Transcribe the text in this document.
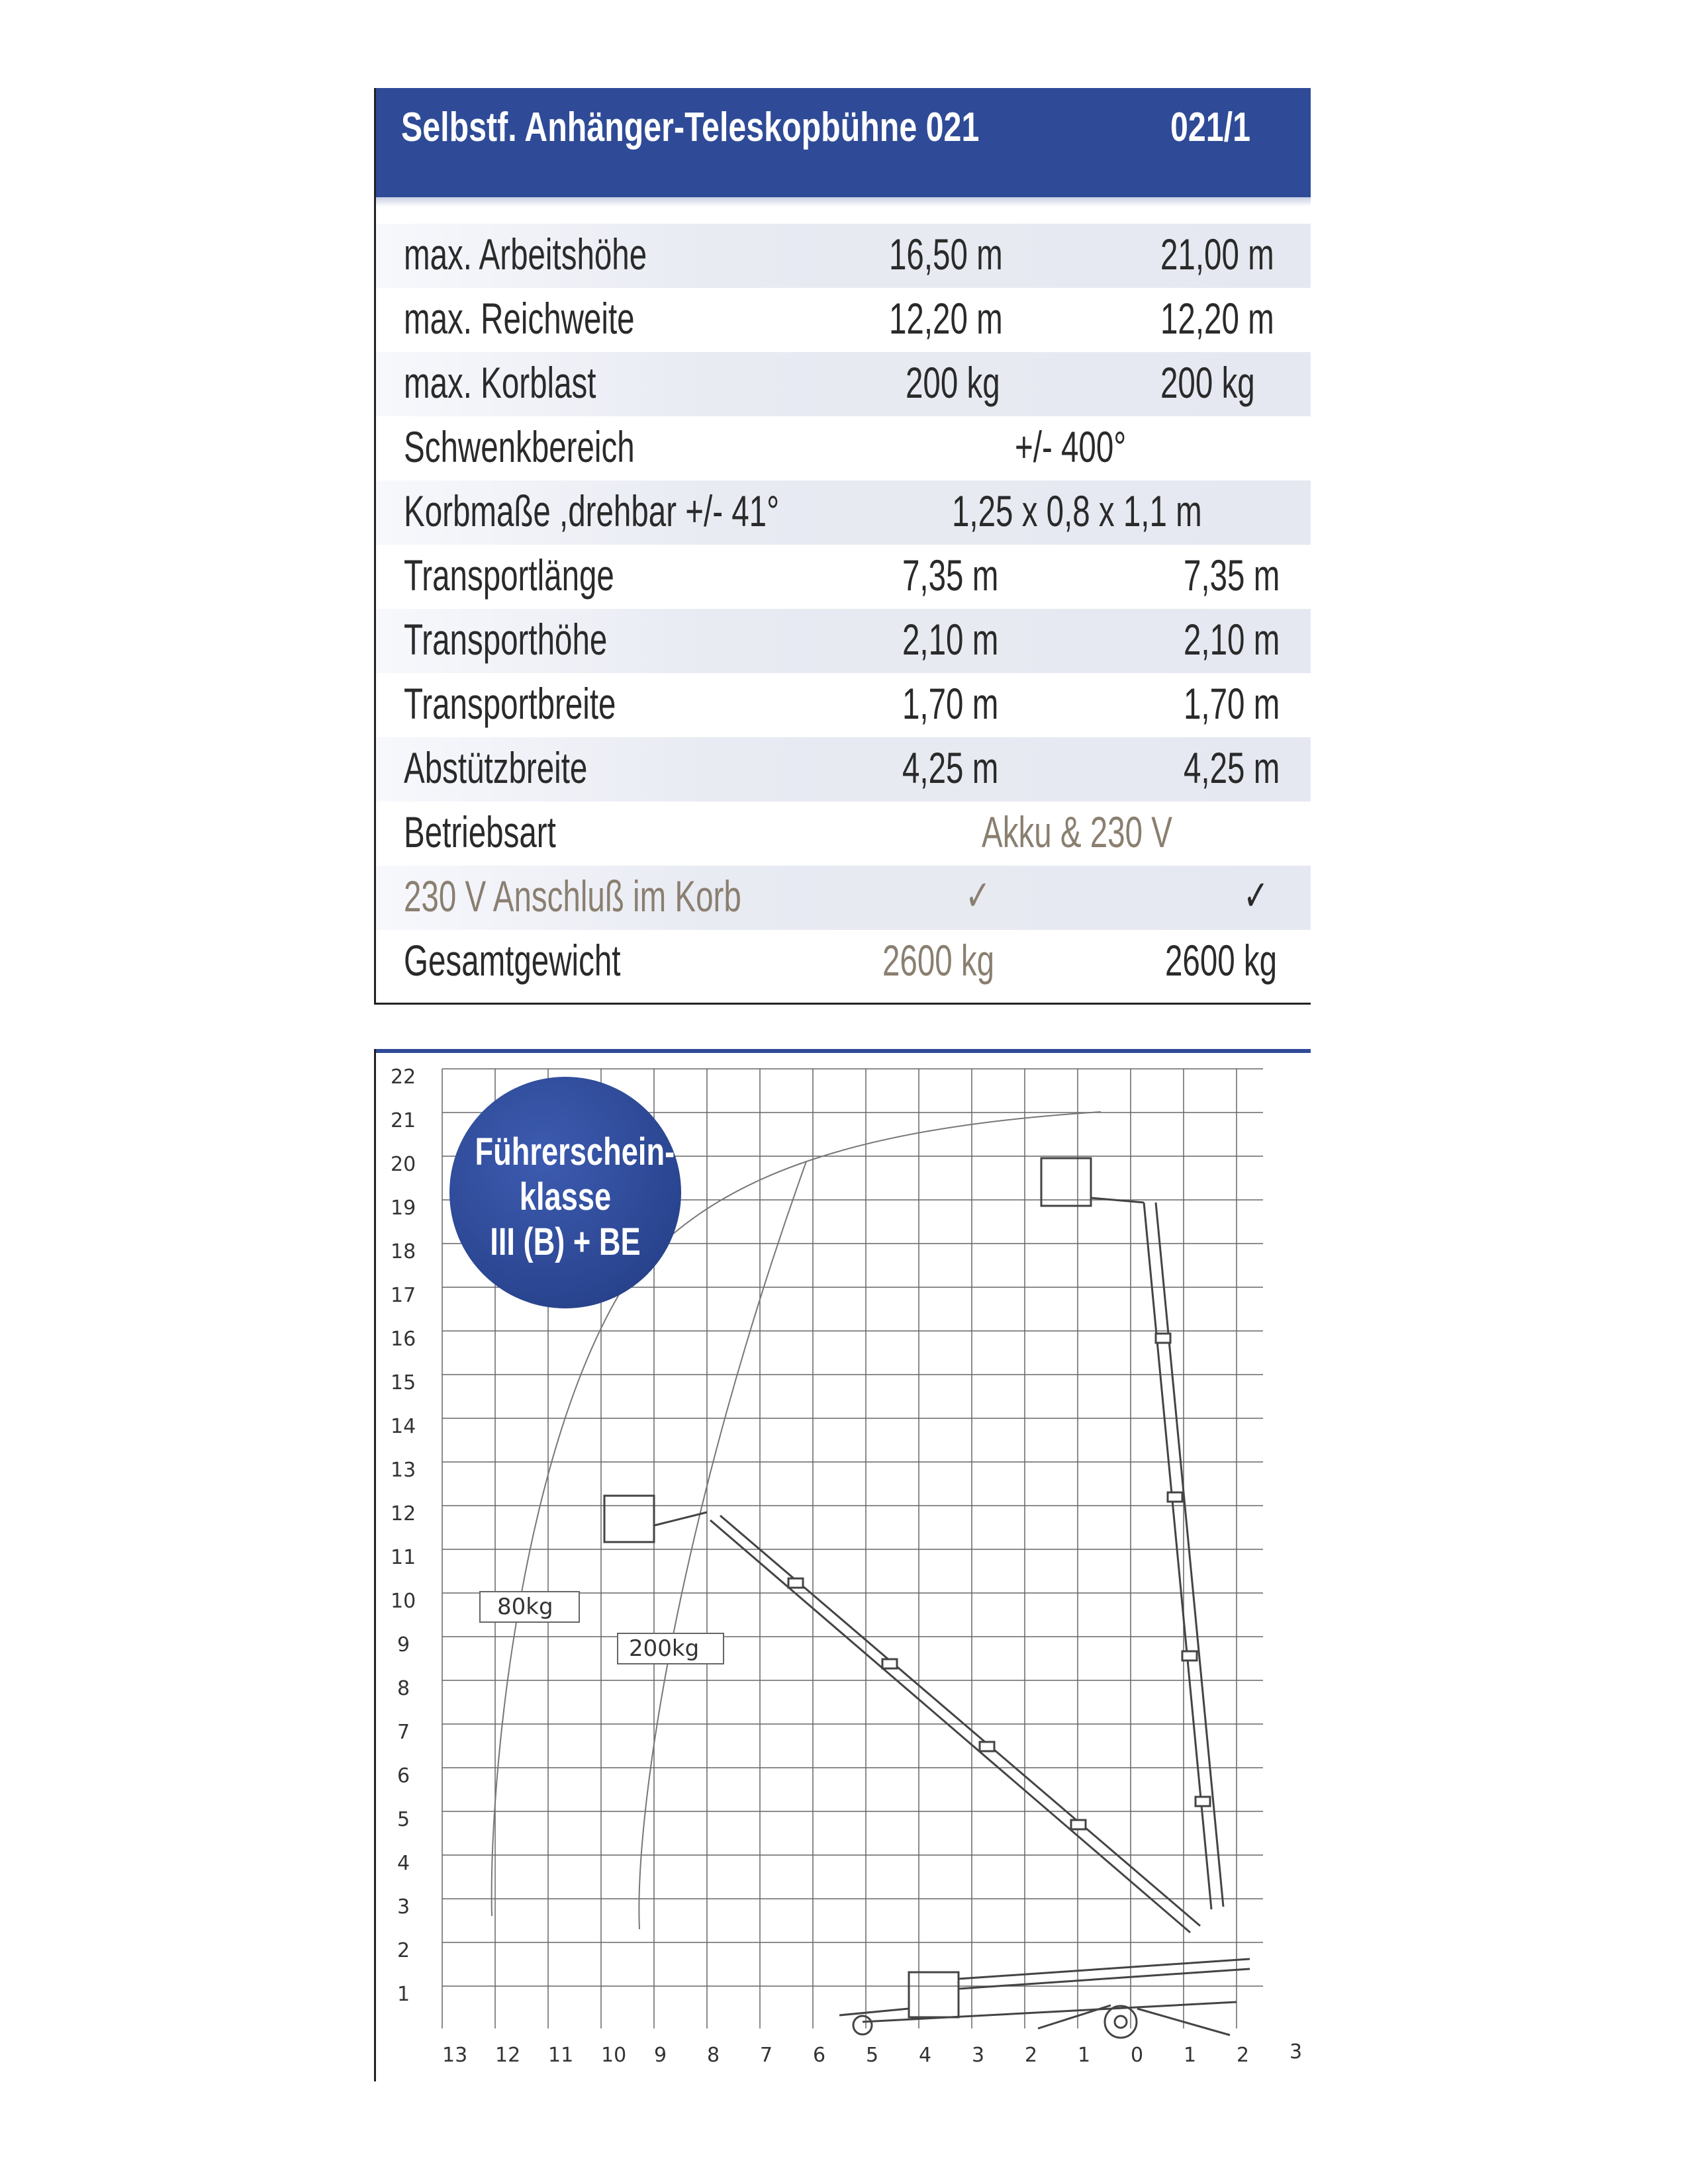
Selbstf. Anhänger-Teleskopbühne 021	021/1
max. Arbeitshöhe	16,50 m	21,00 m
max. Reichweite	12,20 m	12,20 m
max. Korblast	200 kg	200 kg
Schwenkbereich	+/- 400°
Korbmaße ,drehbar +/- 41°	1,25 x 0,8 x 1,1 m
Transportlänge	7,35 m	7,35 m
Transporthöhe	2,10 m	2,10 m
Transportbreite	1,70 m	1,70 m
Abstützbreite	4,25 m	4,25 m
Betriebsart	Akku & 230 V
230 V Anschluß im Korb	✓	✓
Gesamtgewicht	2600 kg	2600 kg
22
21
20
19
18
17
16
15
14
13
12
11
10
9
8
7
6
5
4
3
2
1
13 12 11 10 9 8 7 6 5 4 3 2 1 0 1 2 3
80kg
200kg
Führerschein-
klasse
III (B) + BE
